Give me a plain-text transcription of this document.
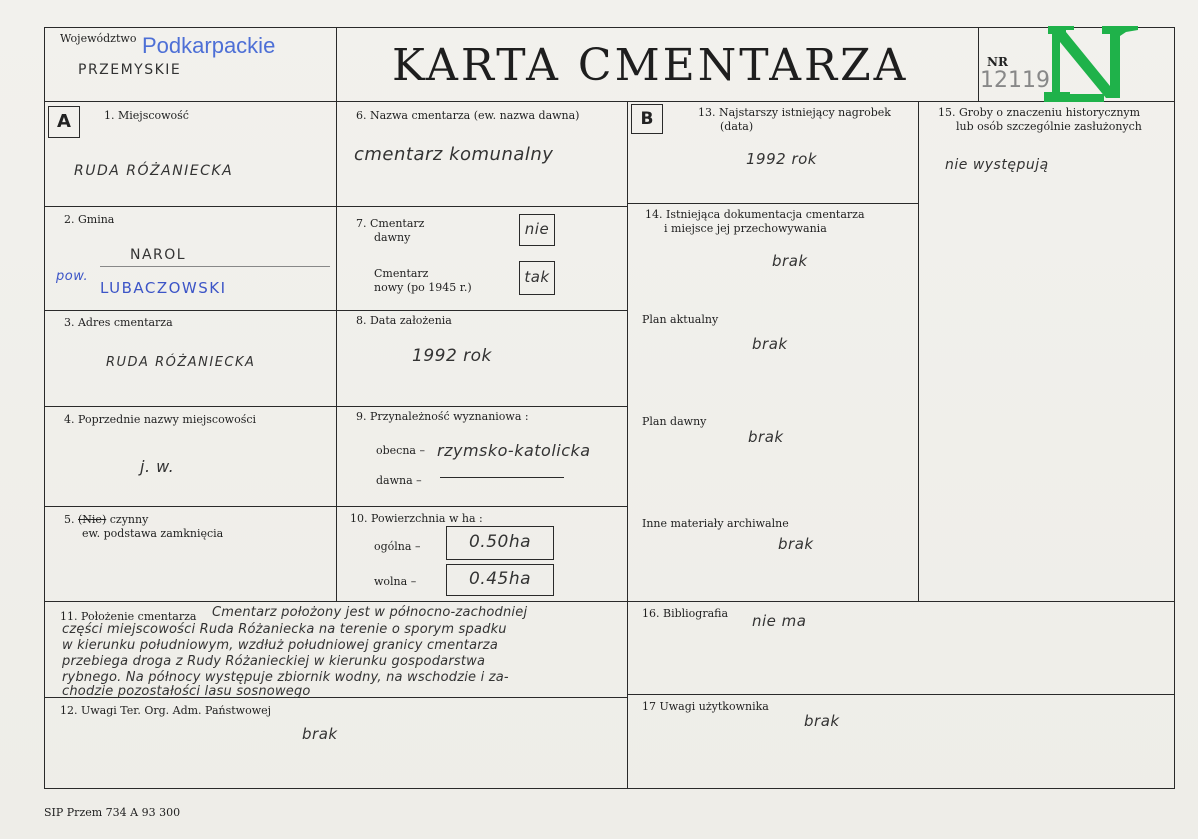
Województwo Podkarpackie
PRZEMYSKIE	KARTA CMENTARZA	NR
12119
A	1. Miejscowość
RUDA RÓŻANIECKA
2. Gmina
NAROL
pow.
LUBACZOWSKI
3. Adres cmentarza
RUDA RÓŻANIECKA
4. Poprzednie nazwy miejscowości
j. w.
5. (Nie) czynny
ew. podstawa zamknięcia
6. Nazwa cmentarza (ew. nazwa dawna)
cmentarz komunalny
7. Cmentarz
dawny	nie
Cmentarz
nowy (po 1945 r.)
tak
8. Data założenia
1992 rok
9. Przynależność wyznaniowa :
obecna – rzymsko-katolicka
dawna –
10. Powierzchnia w ha :
ogólna –	0.50ha
wolna –	0.45ha
B	13. Najstarszy istniejący nagrobek
(data)
1992 rok
14. Istniejąca dokumentacja cmentarza
i miejsce jej przechowywania
brak
Plan aktualny
brak
Plan dawny
brak
Inne materiały archiwalne
brak
15. Groby o znaczeniu historycznym
lub osób szczególnie zasłużonych
nie występują
11. Położenie cmentarza Cmentarz położony jest w północno-zachodniej
części miejscowości Ruda Różaniecka na terenie o sporym spadku
w kierunku południowym, wzdłuż południowej granicy cmentarza
przebiega droga z Rudy Różanieckiej w kierunku gospodarstwa
rybnego. Na północy występuje zbiornik wodny, na wschodzie i za-
chodzie pozostałości lasu sosnowego
12. Uwagi Ter. Org. Adm. Państwowej
brak
16. Bibliografia nie ma
17 Uwagi użytkownika
brak
SIP Przem 734 A 93 300
